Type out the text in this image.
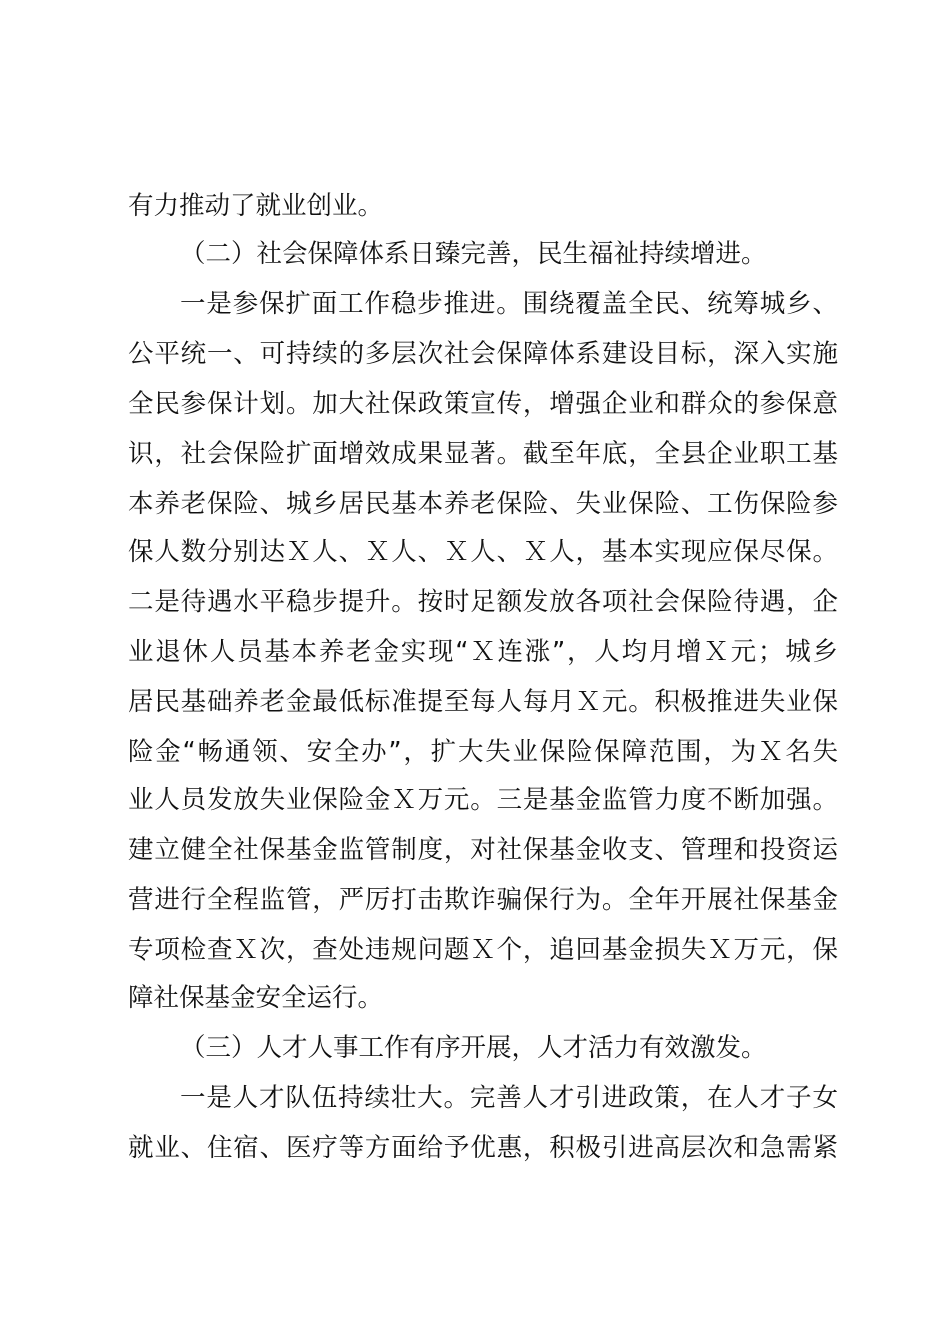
有力推动了就业创业。
（二）社会保障体系日臻完善，民生福祉持续增进。
一是参保扩面工作稳步推进。围绕覆盖全民、统筹城乡、
公平统一、可持续的多层次社会保障体系建设目标，深入实施
全民参保计划。加大社保政策宣传，增强企业和群众的参保意
识，社会保险扩面增效成果显著。截至年底，全县企业职工基
本养老保险、城乡居民基本养老保险、失业保险、工伤保险参
保人数分别达Ｘ人、Ｘ人、Ｘ人、Ｘ人，基本实现应保尽保。
二是待遇水平稳步提升。按时足额发放各项社会保险待遇，企
业退休人员基本养老金实现“Ｘ连涨”，人均月增Ｘ元；城乡
居民基础养老金最低标准提至每人每月Ｘ元。积极推进失业保
险金“畅通领、安全办”，扩大失业保险保障范围，为Ｘ名失
业人员发放失业保险金Ｘ万元。三是基金监管力度不断加强。
建立健全社保基金监管制度，对社保基金收支、管理和投资运
营进行全程监管，严厉打击欺诈骗保行为。全年开展社保基金
专项检查Ｘ次，查处违规问题Ｘ个，追回基金损失Ｘ万元，保
障社保基金安全运行。
（三）人才人事工作有序开展，人才活力有效激发。
一是人才队伍持续壮大。完善人才引进政策，在人才子女
就业、住宿、医疗等方面给予优惠，积极引进高层次和急需紧
